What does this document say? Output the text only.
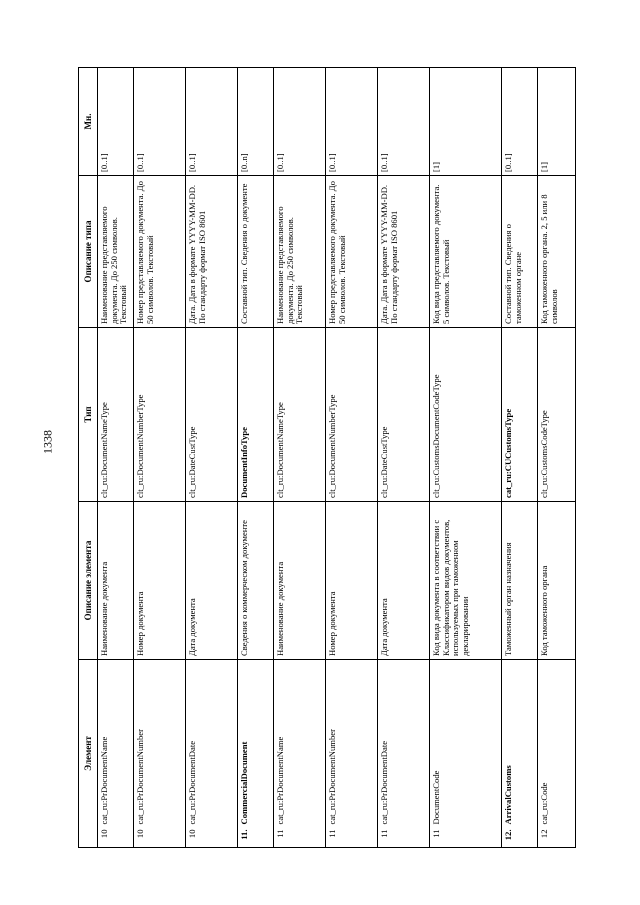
1338
Элемент		Описание элемента	Тип	Описание типа	Мн.
10	cat_ru:PrDocumentName	Наименование документа	clt_ru:DocumentNameType	Наименование представляемого документа. До 250 символов. Текстовый	[0..1]
10	cat_ru:PrDocumentNumber	Номер документа	clt_ru:DocumentNumberType	Номер представляемого документа. До 50 символов. Текстовый	[0..1]
10	cat_ru:PrDocumentDate	Дата документа	clt_ru:DateCustType	Дата. Дата в формате YYYY-MM-DD. По стандарту формат ISO 8601	[0..1]
11.	CommercialDocument	Сведения о коммерческом документе	DocumentInfoType	Составной тип. Сведения о документе	[0..n]
11	cat_ru:PrDocumentName	Наименование документа	clt_ru:DocumentNameType	Наименование представляемого документа. До 250 символов. Текстовый	[0..1]
11	cat_ru:PrDocumentNumber	Номер документа	clt_ru:DocumentNumberType	Номер представляемого документа. До 50 символов. Текстовый	[0..1]
11	cat_ru:PrDocumentDate	Дата документа	clt_ru:DateCustType	Дата. Дата в формате YYYY-MM-DD. По стандарту формат ISO 8601	[0..1]
11	DocumentCode	Код вида документа в соответствии с Классификатором видов документов, используемых при таможенном декларировании	clt_ru:CustomsDocumentCodeType	Код вида представляемого документа. 5 символов. Текстовый	[1]
12.	ArrivalCustoms	Таможенный орган назначения	cat_ru:CUCustomsType	Составной тип. Сведения о таможенном органе	[0..1]
12	cat_ru:Code	Код таможенного органа	clt_ru:CustomsCodeType	Код таможенного органа. 2, 5 или 8 символов	[1]
